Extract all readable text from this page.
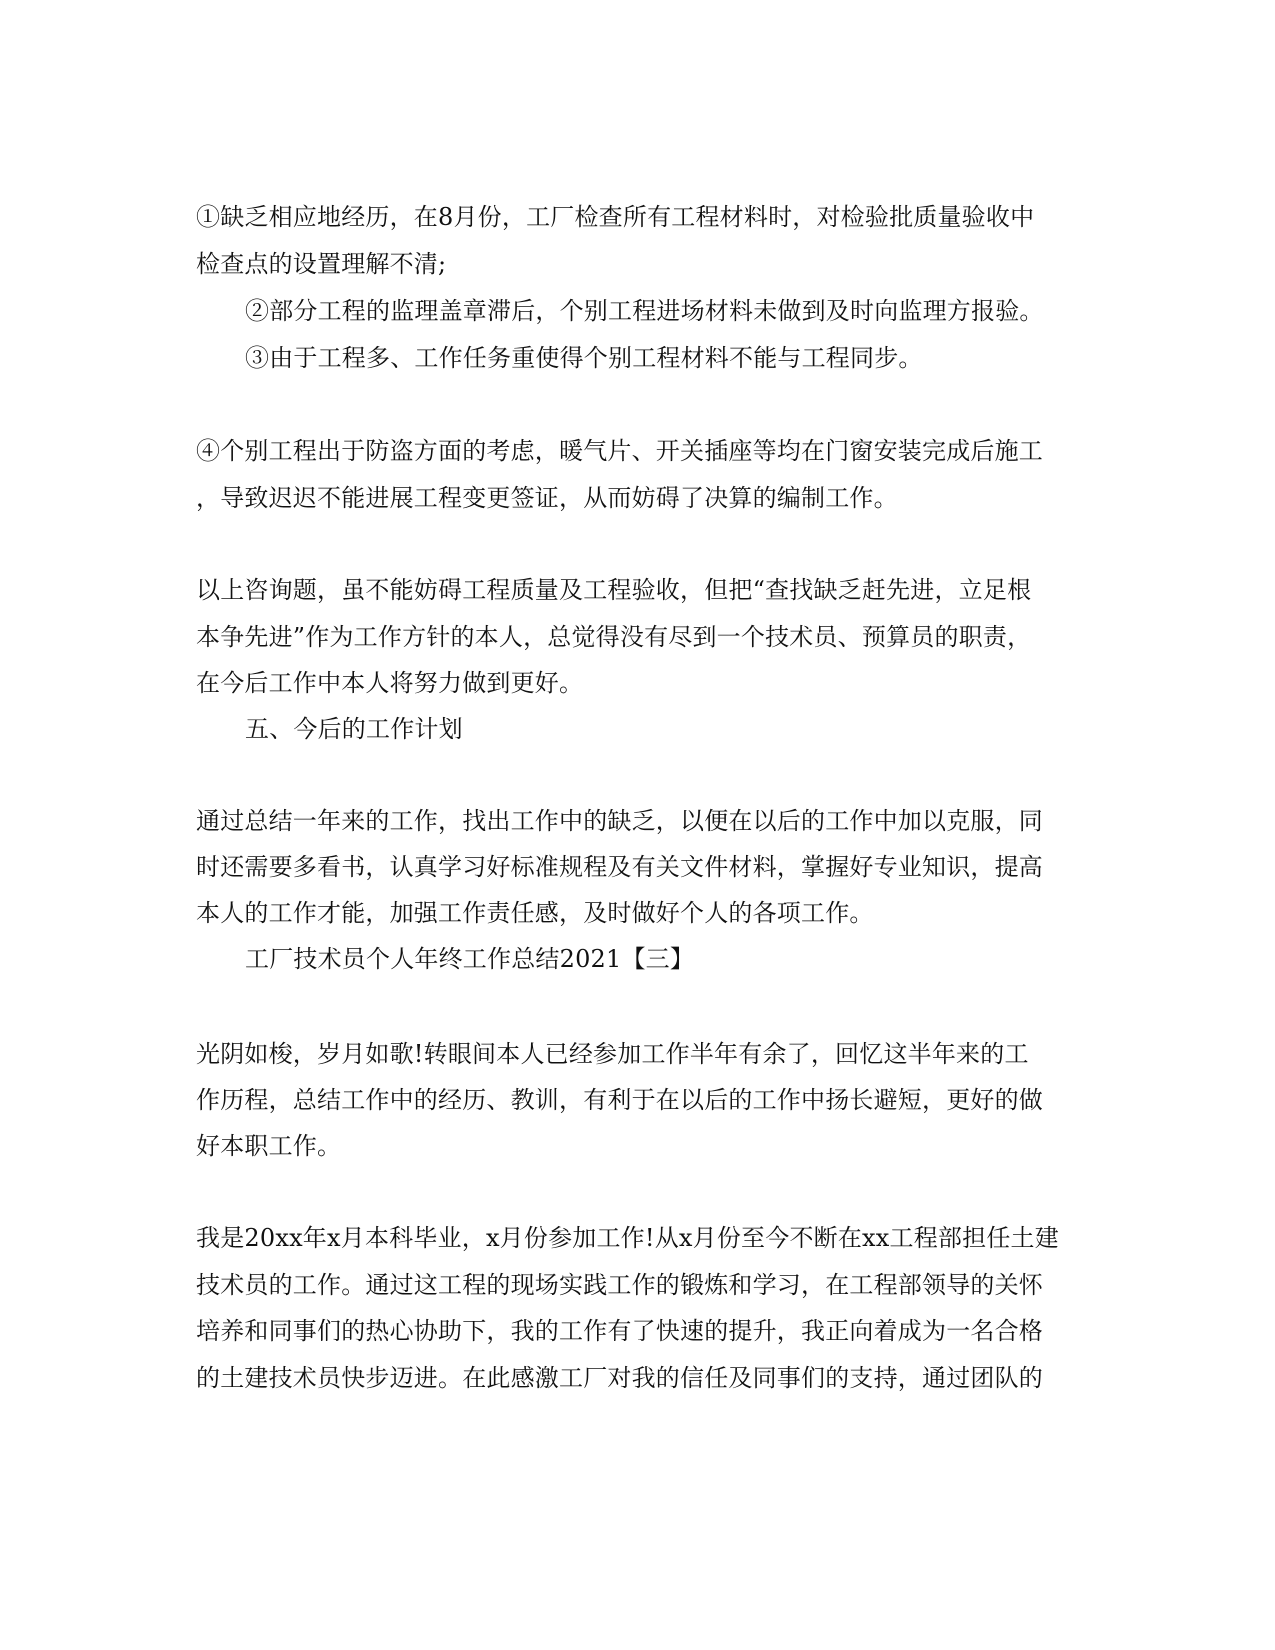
①缺乏相应地经历，在8月份，工厂检查所有工程材料时，对检验批质量验收中
检查点的设置理解不清;
②部分工程的监理盖章滞后，个别工程进场材料未做到及时向监理方报验。
③由于工程多、工作任务重使得个别工程材料不能与工程同步。
④个别工程出于防盗方面的考虑，暖气片、开关插座等均在门窗安装完成后施工
，导致迟迟不能进展工程变更签证，从而妨碍了决算的编制工作。
以上咨询题，虽不能妨碍工程质量及工程验收，但把“查找缺乏赶先进，立足根
本争先进”作为工作方针的本人，总觉得没有尽到一个技术员、预算员的职责，
在今后工作中本人将努力做到更好。
五、今后的工作计划
通过总结一年来的工作，找出工作中的缺乏，以便在以后的工作中加以克服，同
时还需要多看书，认真学习好标准规程及有关文件材料，掌握好专业知识，提高
本人的工作才能，加强工作责任感，及时做好个人的各项工作。
工厂技术员个人年终工作总结2021【三】
光阴如梭，岁月如歌!转眼间本人已经参加工作半年有余了，回忆这半年来的工
作历程，总结工作中的经历、教训，有利于在以后的工作中扬长避短，更好的做
好本职工作。
我是20xx年x月本科毕业，x月份参加工作!从x月份至今不断在xx工程部担任土建
技术员的工作。通过这工程的现场实践工作的锻炼和学习，在工程部领导的关怀
培养和同事们的热心协助下，我的工作有了快速的提升，我正向着成为一名合格
的土建技术员快步迈进。在此感激工厂对我的信任及同事们的支持，通过团队的
